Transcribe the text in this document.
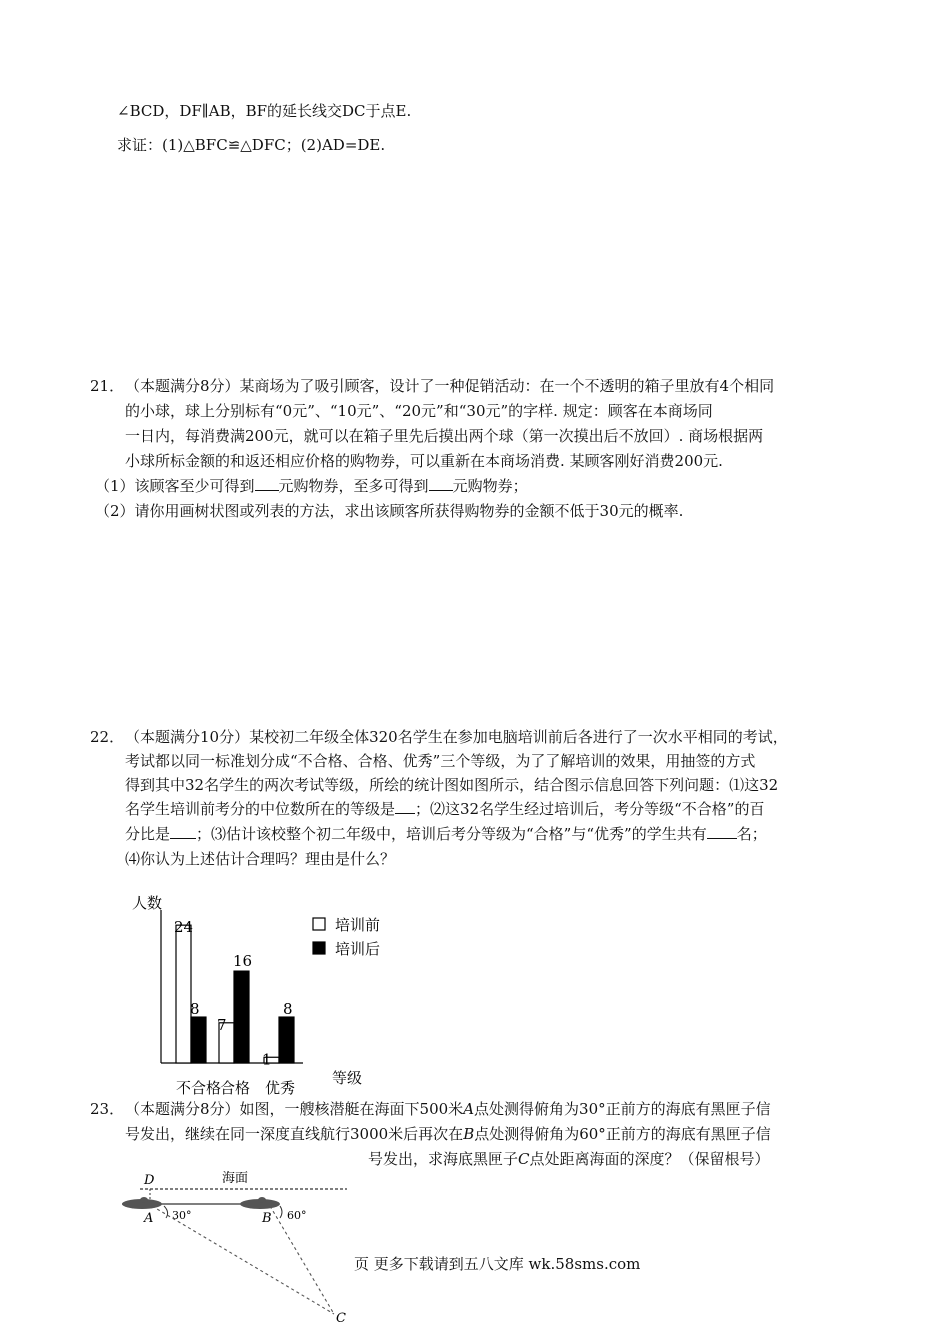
∠BCD，DF∥AB，BF的延长线交DC于点E.
求证：(1)△BFC≌△DFC；(2)AD=DE.
21． （本题满分8分）某商场为了吸引顾客，设计了一种促销活动：在一个不透明的箱子里放有4个相同
的小球，球上分别标有“0元”、“10元”、“20元”和“30元”的字样. 规定：顾客在本商场同
一日内，每消费满200元，就可以在箱子里先后摸出两个球（第一次摸出后不放回）. 商场根据两
小球所标金额的和返还相应价格的购物券，可以重新在本商场消费. 某顾客刚好消费200元.
（1）该顾客至少可得到 元购物券，至多可得到 元购物券；
（2）请你用画树状图或列表的方法，求出该顾客所获得购物券的金额不低于30元的概率.
22． （本题满分10分）某校初二年级全体320名学生在参加电脑培训前后各进行了一次水平相同的考试，
考试都以同一标准划分成“不合格、合格、优秀”三个等级，为了了解培训的效果，用抽签的方式
得到其中32名学生的两次考试等级，所绘的统计图如图所示，结合图示信息回答下列问题：⑴这32
名学生培训前考分的中位数所在的等级是 ；⑵这32名学生经过培训后，考分等级“不合格”的百
分比是 ；⑶估计该校整个初二年级中，培训后考分等级为“合格”与“优秀”的学生共有 名；
⑷你认为上述估计合理吗？理由是什么？
人数
等级
24
8
不合格
7
16
合格
1
8
优秀
培训前
培训后
23． （本题满分8分）如图，一艘核潜艇在海面下500米A点处测得俯角为30°正前方的海底有黑匣子信
号发出，继续在同一深度直线航行3000米后再次在B点处测得俯角为60°正前方的海底有黑匣子信
号发出，求海底黑匣子C点处距离海面的深度？（保留根号）
海面
D
A	B
30°	60°
C
页 更多下载请到五八文库 wk.58sms.com
